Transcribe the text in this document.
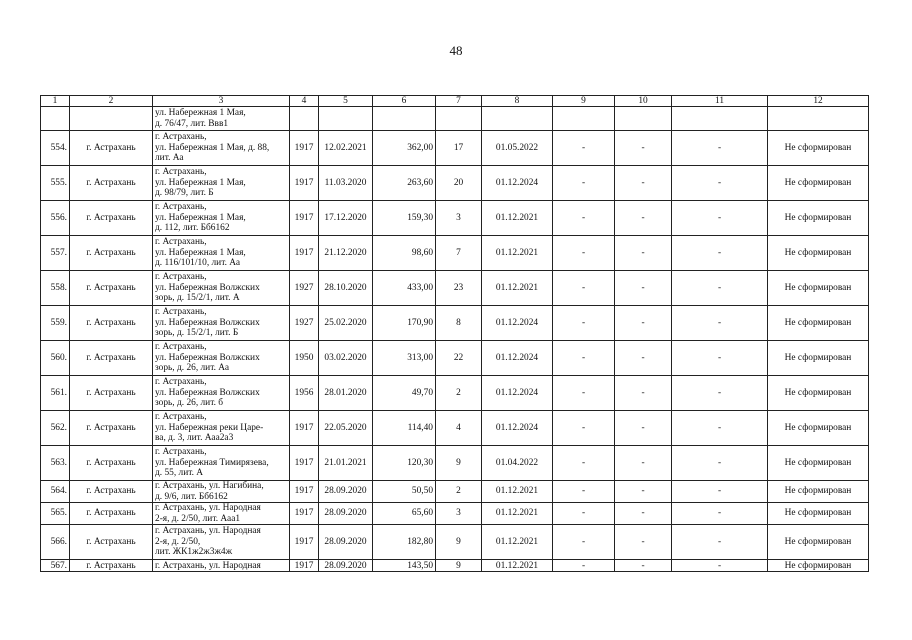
48
1	2	3	4	5	6	7	8	9	10	11	12

		ул. Набережная 1 Мая,
д. 76/47, лит. Ввв1									

554.	г. Астрахань	г. Астрахань,
ул. Набережная 1 Мая, д. 88,
лит. Аа	1917	12.02.2021	362,00	17	01.05.2022	-	-	-	Не сформирован
555.	г. Астрахань	г. Астрахань,
ул. Набережная 1 Мая,
д. 98/79, лит. Б	1917	11.03.2020	263,60	20	01.12.2024	-	-	-	Не сформирован
556.	г. Астрахань	г. Астрахань,
ул. Набережная 1 Мая,
д. 112, лит. Бб6162	1917	17.12.2020	159,30	3	01.12.2021	-	-	-	Не сформирован
557.	г. Астрахань	г. Астрахань,
ул. Набережная 1 Мая,
д. 116/101/10, лит. Аа	1917	21.12.2020	98,60	7	01.12.2021	-	-	-	Не сформирован
558.	г. Астрахань	г. Астрахань,
ул. Набережная Волжских
зорь, д. 15/2/1, лит. А	1927	28.10.2020	433,00	23	01.12.2021	-	-	-	Не сформирован
559.	г. Астрахань	г. Астрахань,
ул. Набережная Волжских
зорь, д. 15/2/1, лит. Б	1927	25.02.2020	170,90	8	01.12.2024	-	-	-	Не сформирован
560.	г. Астрахань	г. Астрахань,
ул. Набережная Волжских
зорь, д. 26, лит. Аа	1950	03.02.2020	313,00	22	01.12.2024	-	-	-	Не сформирован
561.	г. Астрахань	г. Астрахань,
ул. Набережная Волжских
зорь, д. 26, лит. б	1956	28.01.2020	49,70	2	01.12.2024	-	-	-	Не сформирован
562.	г. Астрахань	г. Астрахань,
ул. Набережная реки Царе-
ва, д. 3, лит. Ааа2а3	1917	22.05.2020	114,40	4	01.12.2024	-	-	-	Не сформирован
563.	г. Астрахань	г. Астрахань,
ул. Набережная Тимирязева,
д. 55, лит. А	1917	21.01.2021	120,30	9	01.04.2022	-	-	-	Не сформирован
564.	г. Астрахань	г. Астрахань, ул. Нагибина,
д. 9/6, лит. Бб6162	1917	28.09.2020	50,50	2	01.12.2021	-	-	-	Не сформирован
565.	г. Астрахань	г. Астрахань, ул. Народная
2-я, д. 2/50, лит. Ааа1	1917	28.09.2020	65,60	3	01.12.2021	-	-	-	Не сформирован
566.	г. Астрахань	г. Астрахань, ул. Народная
2-я, д. 2/50,
лит. ЖК1ж2ж3ж4ж	1917	28.09.2020	182,80	9	01.12.2021	-	-	-	Не сформирован
567.	г. Астрахань	г. Астрахань, ул. Народная	1917	28.09.2020	143,50	9	01.12.2021	-	-	-	Не сформирован
